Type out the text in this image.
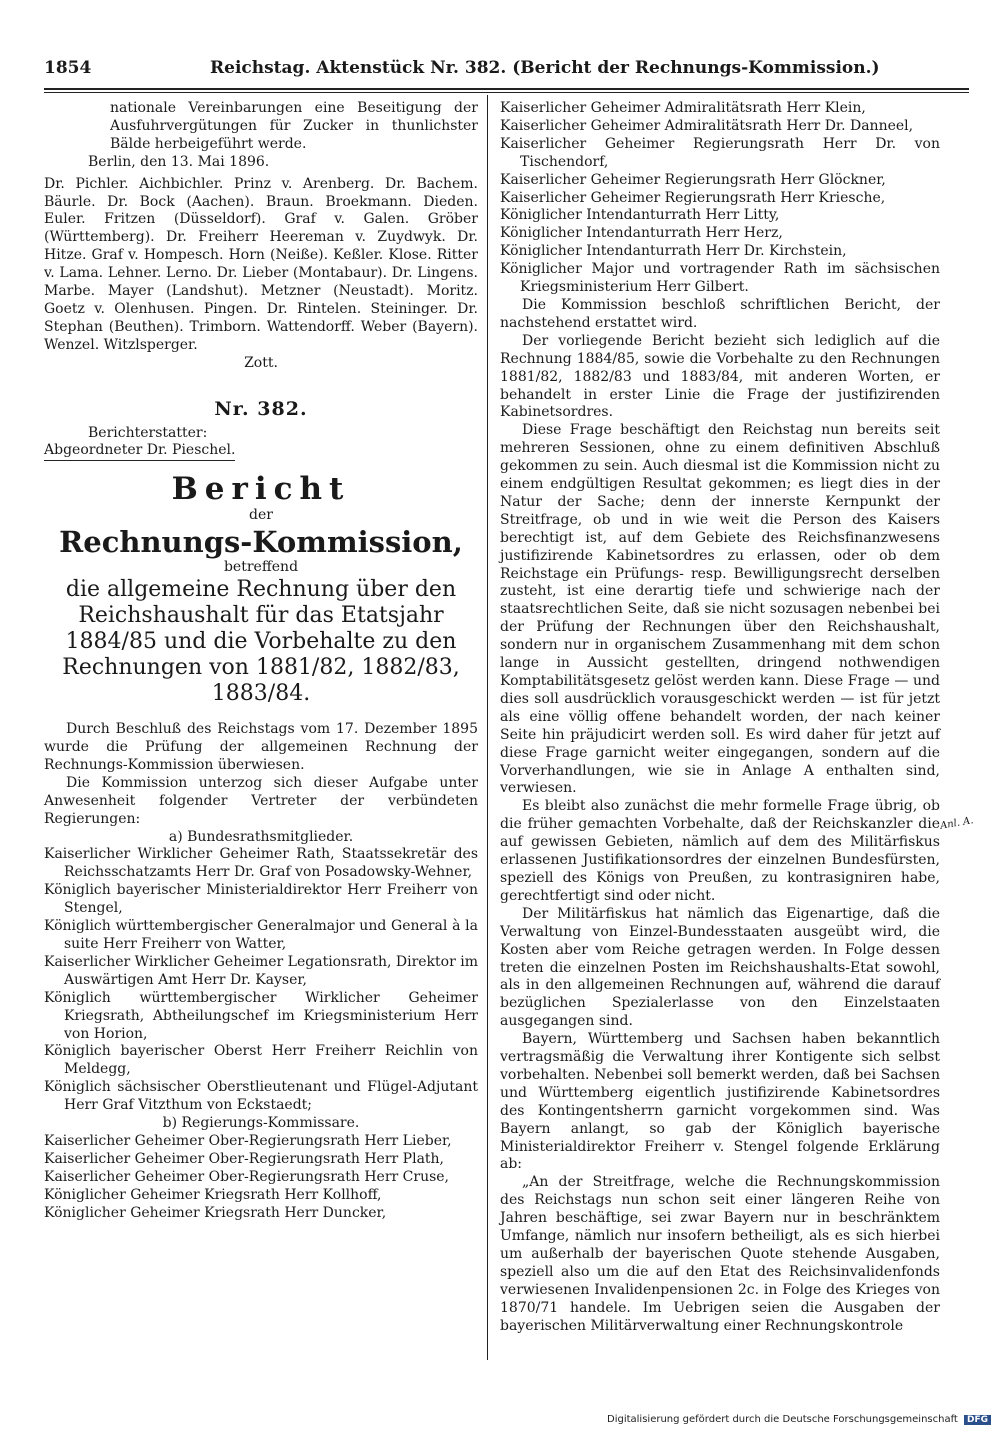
1854	Reichstag. Aktenstück Nr. 382. (Bericht der Rechnungs-Kommission.)

nationale Vereinbarungen eine Beseitigung der Ausfuhrvergütungen für Zucker in thunlichster Bälde herbeigeführt werde.

Berlin, den 13. Mai 1896.

Dr. Pichler. Aichbichler. Prinz v. Arenberg. Dr. Bachem. Bäurle. Dr. Bock (Aachen). Braun. Broekmann. Dieden. Euler. Fritzen (Düsseldorf). Graf v. Galen. Gröber (Württemberg). Dr. Freiherr Heereman v. Zuydwyk. Dr. Hitze. Graf v. Hompesch. Horn (Neiße). Keßler. Klose. Ritter v. Lama. Lehner. Lerno. Dr. Lieber (Montabaur). Dr. Lingens. Marbe. Mayer (Landshut). Metzner (Neustadt). Moritz. Goetz v. Olenhusen. Pingen. Dr. Rintelen. Steininger. Dr. Stephan (Beuthen). Trimborn. Wattendorff. Weber (Bayern). Wenzel. Witzlsperger.

Zott.

Nr. 382.
Berichterstatter:
Abgeordneter Dr. Pieschel.
Bericht
der
Rechnungs-Kommission,
betreffend
die allgemeine Rechnung über den Reichshaushalt für das Etatsjahr 1884/85 und die Vorbehalte zu den Rechnungen von 1881/82, 1882/83, 1883/84.

Durch Beschluß des Reichstags vom 17. Dezember 1895 wurde die Prüfung der allgemeinen Rechnung der Rechnungs-Kommission überwiesen.

Die Kommission unterzog sich dieser Aufgabe unter Anwesenheit folgender Vertreter der verbündeten Regierungen:

a) Bundesrathsmitglieder.

Kaiserlicher Wirklicher Geheimer Rath, Staatssekretär des Reichsschatzamts Herr Dr. Graf von Posadowsky-Wehner,

Königlich bayerischer Ministerialdirektor Herr Freiherr von Stengel,

Königlich württembergischer Generalmajor und General à la suite Herr Freiherr von Watter,

Kaiserlicher Wirklicher Geheimer Legationsrath, Direktor im Auswärtigen Amt Herr Dr. Kayser,

Königlich württembergischer Wirklicher Geheimer Kriegsrath, Abtheilungschef im Kriegsministerium Herr von Horion,

Königlich bayerischer Oberst Herr Freiherr Reichlin von Meldegg,

Königlich sächsischer Oberstlieutenant und Flügel-Adjutant Herr Graf Vitzthum von Eckstaedt;

b) Regierungs-Kommissare.

Kaiserlicher Geheimer Ober-Regierungsrath Herr Lieber,

Kaiserlicher Geheimer Ober-Regierungsrath Herr Plath,

Kaiserlicher Geheimer Ober-Regierungsrath Herr Cruse,

Königlicher Geheimer Kriegsrath Herr Kollhoff,

Königlicher Geheimer Kriegsrath Herr Duncker,

Kaiserlicher Geheimer Admiralitätsrath Herr Klein,

Kaiserlicher Geheimer Admiralitätsrath Herr Dr. Danneel,

Kaiserlicher Geheimer Regierungsrath Herr Dr. von Tischendorf,

Kaiserlicher Geheimer Regierungsrath Herr Glöckner,

Kaiserlicher Geheimer Regierungsrath Herr Kriesche,

Königlicher Intendanturrath Herr Litty,

Königlicher Intendanturrath Herr Herz,

Königlicher Intendanturrath Herr Dr. Kirchstein,

Königlicher Major und vortragender Rath im sächsischen Kriegsministerium Herr Gilbert.

Die Kommission beschloß schriftlichen Bericht, der nachstehend erstattet wird.

Der vorliegende Bericht bezieht sich lediglich auf die Rechnung 1884/85, sowie die Vorbehalte zu den Rechnungen 1881/82, 1882/83 und 1883/84, mit anderen Worten, er behandelt in erster Linie die Frage der justifizirenden Kabinetsordres.

Diese Frage beschäftigt den Reichstag nun bereits seit mehreren Sessionen, ohne zu einem definitiven Abschluß gekommen zu sein. Auch diesmal ist die Kommission nicht zu einem endgültigen Resultat gekommen; es liegt dies in der Natur der Sache; denn der innerste Kernpunkt der Streitfrage, ob und in wie weit die Person des Kaisers berechtigt ist, auf dem Gebiete des Reichsfinanzwesens justifizirende Kabinetsordres zu erlassen, oder ob dem Reichstage ein Prüfungs- resp. Bewilligungsrecht derselben zusteht, ist eine derartig tiefe und schwierige nach der staatsrechtlichen Seite, daß sie nicht sozusagen nebenbei bei der Prüfung der Rechnungen über den Reichshaushalt, sondern nur in organischem Zusammenhang mit dem schon lange in Aussicht gestellten, dringend nothwendigen Komptabilitätsgesetz gelöst werden kann. Diese Frage — und dies soll ausdrücklich vorausgeschickt werden — ist für jetzt als eine völlig offene behandelt worden, der nach keiner Seite hin präjudicirt werden soll. Es wird daher für jetzt auf diese Frage garnicht weiter eingegangen, sondern auf die Vorverhandlungen, wie sie in Anlage A enthalten sind, verwiesen.

Es bleibt also zunächst die mehr formelle Frage übrig, ob die früher gemachten Vorbehalte, daß der Reichskanzler die auf gewissen Gebieten, nämlich auf dem des Militärfiskus erlassenen Justifikationsordres der einzelnen Bundesfürsten, speziell des Königs von Preußen, zu kontrasigniren habe, gerechtfertigt sind oder nicht.

Der Militärfiskus hat nämlich das Eigenartige, daß die Verwaltung von Einzel-Bundesstaaten ausgeübt wird, die Kosten aber vom Reiche getragen werden. In Folge dessen treten die einzelnen Posten im Reichshaushalts-Etat sowohl, als in den allgemeinen Rechnungen auf, während die darauf bezüglichen Spezialerlasse von den Einzelstaaten ausgegangen sind.

Bayern, Württemberg und Sachsen haben bekanntlich vertragsmäßig die Verwaltung ihrer Kontigente sich selbst vorbehalten. Nebenbei soll bemerkt werden, daß bei Sachsen und Württemberg eigentlich justifizirende Kabinetsordres des Kontingentsherrn garnicht vorgekommen sind. Was Bayern anlangt, so gab der Königlich bayerische Ministerialdirektor Freiherr v. Stengel folgende Erklärung ab:

„An der Streitfrage, welche die Rechnungskommission des Reichstags nun schon seit einer längeren Reihe von Jahren beschäftige, sei zwar Bayern nur in beschränktem Umfange, nämlich nur insofern betheiligt, als es sich hierbei um außerhalb der bayerischen Quote stehende Ausgaben, speziell also um die auf den Etat des Reichsinvalidenfonds verwiesenen Invalidenpensionen 2c. in Folge des Krieges von 1870/71 handele. Im Uebrigen seien die Ausgaben der bayerischen Militärverwaltung einer Rechnungskontrole

Anl. A.
Digitalisierung gefördert durch die Deutsche Forschungsgemeinschaft DFG
